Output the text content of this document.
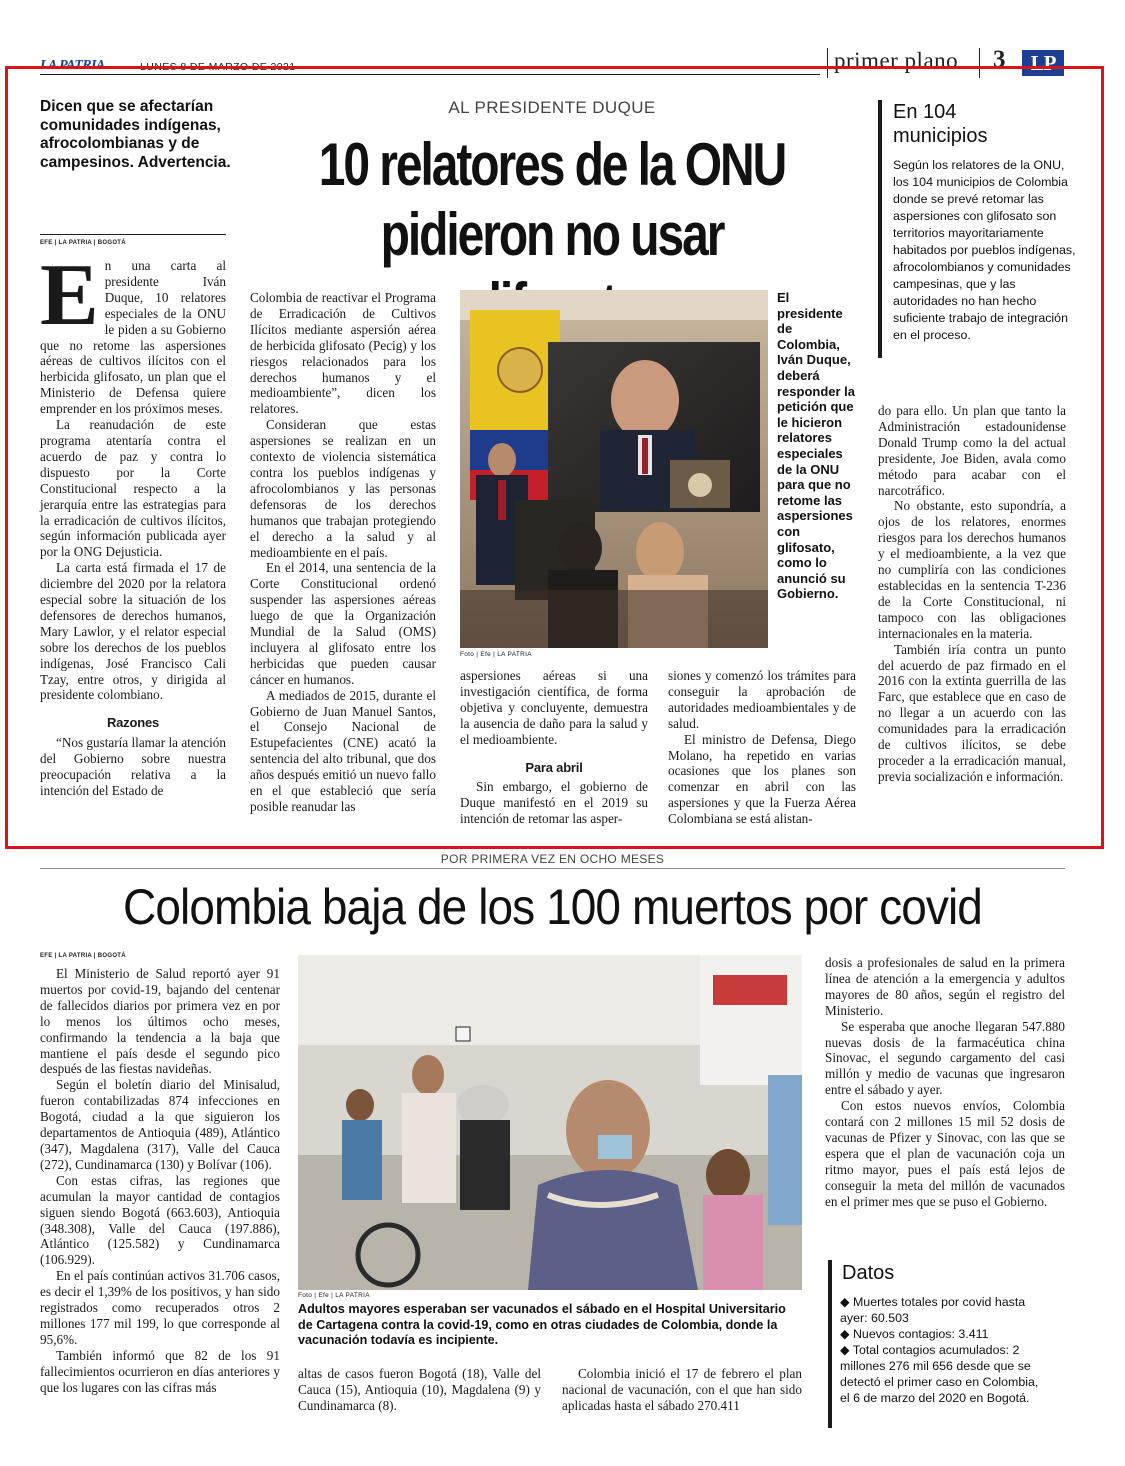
LA PATRIA	LUNES 8 DE MARZO DE 2021	primer plano 3	LP
Dicen que se afectarían comunidades indígenas, afrocolombianas y de campesinos. Advertencia.
EFE | LA PATRIA | BOGOTÁ
AL PRESIDENTE DUQUE
10 relatores de la ONU
pidieron no usar
E n una carta al presidente Iván Duque, 10 relatores especiales de la ONU le piden a su Gobierno que no retome las aspersiones aéreas de cultivos ilícitos con el herbicida glifosato, un plan que el Ministerio de Defensa quiere emprender en los próximos meses.

La reanudación de este programa atentaría contra el acuerdo de paz y contra lo dispuesto por la Corte Constitucional respecto a la jerarquía entre las estrategias para la erradicación de cultivos ilícitos, según información publicada ayer por la ONG Dejusticia.

La carta está firmada el 17 de diciembre del 2020 por la relatora especial sobre la situación de los defensores de derechos humanos, Mary Lawlor, y el relator especial sobre los derechos de los pueblos indígenas, José Francisco Cali Tzay, entre otros, y dirigida al presidente colombiano.

Razones

“Nos gustaría llamar la atención del Gobierno sobre nuestra preocupación relativa a la intención del Estado de

Colombia de reactivar el Programa de Erradicación de Cultivos Ilícitos mediante aspersión aérea de herbicida glifosato (Pecig) y los riesgos relacionados para los derechos humanos y el medioambiente”, dicen los relatores.

Consideran que estas aspersiones se realizan en un contexto de violencia sistemática contra los pueblos indígenas y afrocolombianos y las personas defensoras de los derechos humanos que trabajan protegiendo el derecho a la salud y al medioambiente en el país.

En el 2014, una sentencia de la Corte Constitucional ordenó suspender las aspersiones aéreas luego de que la Organización Mundial de la Salud (OMS) incluyera al glifosato entre los herbicidas que pueden causar cáncer en humanos.

A mediados de 2015, durante el Gobierno de Juan Manuel Santos, el Consejo Nacional de Estupefacientes (CNE) acató la sentencia del alto tribunal, que dos años después emitió un nuevo fallo en el que estableció que sería posible reanudar las

Foto | Efe | LA PATRIA
El presidente de Colombia, Iván Duque, deberá responder la petición que le hicieron relatores especiales de la ONU para que no retome las aspersiones con glifosato, como lo anunció su Gobierno.

aspersiones aéreas si una investigación científica, de forma objetiva y concluyente, demuestra la ausencia de daño para la salud y el medioambiente.

Para abril

Sin embargo, el gobierno de Duque manifestó en el 2019 su intención de retomar las asper-

siones y comenzó los trámites para conseguir la aprobación de autoridades medioambientales y de salud.

El ministro de Defensa, Diego Molano, ha repetido en varias ocasiones que los planes son comenzar en abril con las aspersiones y que la Fuerza Aérea Colombiana se está alistan-

En 104
municipios
Según los relatores de la ONU, los 104 municipios de Colombia donde se prevé retomar las aspersiones con glifosato son territorios mayoritariamente habitados por pueblos indígenas, afrocolombianos y comunidades campesinas, que y las autoridades no han hecho suficiente trabajo de integración en el proceso.

do para ello. Un plan que tanto la Administración estadounidense Donald Trump como la del actual presidente, Joe Biden, avala como método para acabar con el narcotráfico.

No obstante, esto supondría, a ojos de los relatores, enormes riesgos para los derechos humanos y el medioambiente, a la vez que no cumpliría con las condiciones establecidas en la sentencia T-236 de la Corte Constitucional, ni tampoco con las obligaciones internacionales en la materia.

También iría contra un punto del acuerdo de paz firmado en el 2016 con la extinta guerrilla de las Farc, que establece que en caso de no llegar a un acuerdo con las comunidades para la erradicación de cultivos ilícitos, se debe proceder a la erradicación manual, previa socialización e información.

POR PRIMERA VEZ EN OCHO MESES
Colombia baja de los 100 muertos por covid
EFE | LA PATRIA | BOGOTÁ

El Ministerio de Salud reportó ayer 91 muertos por covid-19, bajando del centenar de fallecidos diarios por primera vez en por lo menos los últimos ocho meses, confirmando la tendencia a la baja que mantiene el país desde el segundo pico después de las fiestas navideñas.

Según el boletín diario del Minisalud, fueron contabilizadas 874 infecciones en Bogotá, ciudad a la que siguieron los departamentos de Antioquia (489), Atlántico (347), Magdalena (317), Valle del Cauca (272), Cundinamarca (130) y Bolívar (106).

Con estas cifras, las regiones que acumulan la mayor cantidad de contagios siguen siendo Bogotá (663.603), Antioquia (348.308), Valle del Cauca (197.886), Atlántico (125.582) y Cundinamarca (106.929).

En el país continúan activos 31.706 casos, es decir el 1,39% de los positivos, y han sido registrados como recuperados otros 2 millones 177 mil 199, lo que corresponde al 95,6%.

También informó que 82 de los 91 fallecimientos ocurrieron en días anteriores y que los lugares con las cifras más

Foto | Efe | LA PATRIA
Adultos mayores esperaban ser vacunados el sábado en el Hospital Universitario de Cartagena contra la covid-19, como en otras ciudades de Colombia, donde la vacunación todavía es incipiente.

altas de casos fueron Bogotá (18), Valle del Cauca (15), Antioquia (10), Magdalena (9) y Cundinamarca (8).

Colombia inició el 17 de febrero el plan nacional de vacunación, con el que han sido aplicadas hasta el sábado 270.411

dosis a profesionales de salud en la primera línea de atención a la emergencia y adultos mayores de 80 años, según el registro del Ministerio.

Se esperaba que anoche llegaran 547.880 nuevas dosis de la farmacéutica china Sinovac, el segundo cargamento del casi millón y medio de vacunas que ingresaron entre el sábado y ayer.

Con estos nuevos envíos, Colombia contará con 2 millones 15 mil 52 dosis de vacunas de Pfizer y Sinovac, con las que se espera que el plan de vacunación coja un ritmo mayor, pues el país está lejos de conseguir la meta del millón de vacunados en el primer mes que se puso el Gobierno.

Datos
◆ Muertes totales por covid hasta ayer: 60.503
◆ Nuevos contagios: 3.411
◆ Total contagios acumulados: 2 millones 276 mil 656 desde que se detectó el primer caso en Colombia, el 6 de marzo del 2020 en Bogotá.
